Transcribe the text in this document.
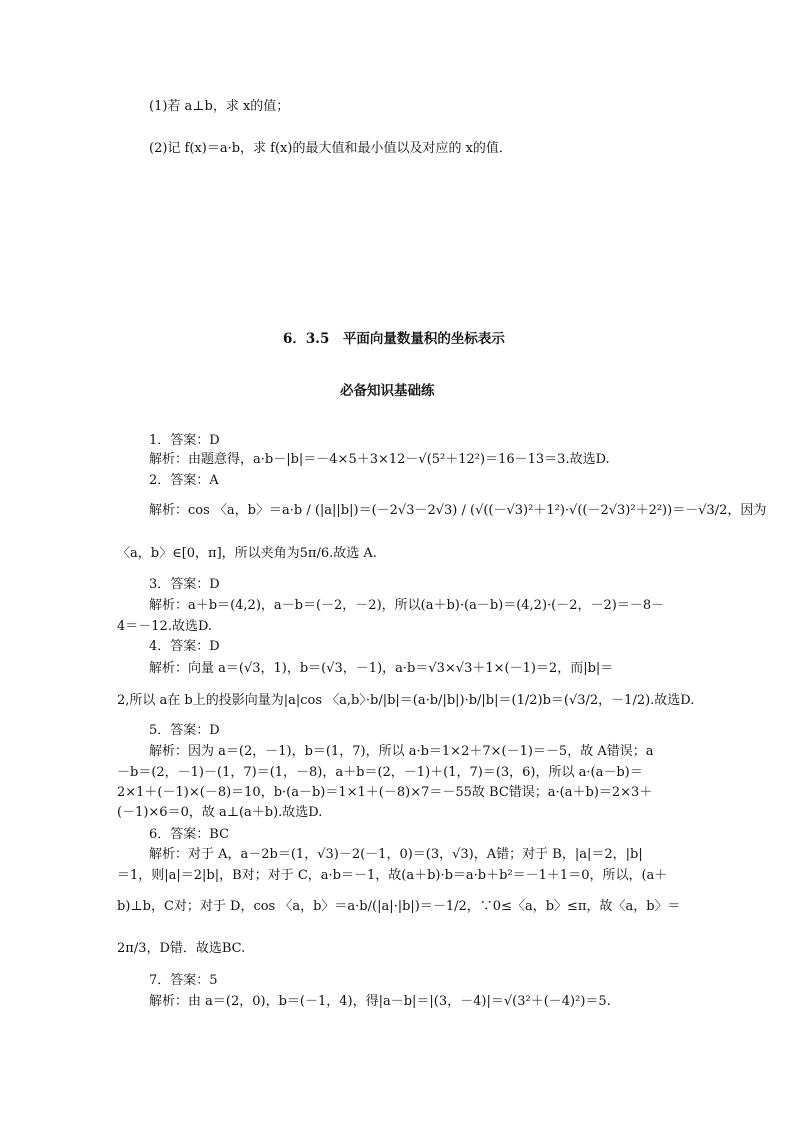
(1)若 a⊥b，求 x的值；
(2)记 f(x)＝a·b，求 f(x)的最大值和最小值以及对应的 x的值．
6．3.5　平面向量数量积的坐标表示
必备知识基础练
1．答案：D
解析：由题意得，a·b－|b|＝－4×5＋3×12－√(5²＋12²)＝16－13＝3.故选D.
2．答案：A
解析：cos 〈a，b〉＝a·b / (|a||b|)＝(－2√3－2√3) / (√((－√3)²＋1²)·√((－2√3)²＋2²))＝－√3/2，因为
〈a，b〉∈[0，π]，所以夹角为5π/6.故选 A.
3．答案：D
解析：a＋b＝(4,2)，a－b＝(－2，－2)，所以(a＋b)·(a－b)＝(4,2)·(－2，－2)＝－8－
4＝－12.故选D.
4．答案：D
解析：向量 a＝(√3，1)，b＝(√3，－1)，a·b＝√3×√3＋1×(－1)＝2，而|b|＝
2,所以 a在 b上的投影向量为|a|cos 〈a,b〉·b/|b|＝(a·b/|b|)·b/|b|＝(1/2)b＝(√3/2，－1/2).故选D.
5．答案：D
解析：因为 a＝(2，－1)，b＝(1，7)，所以 a·b＝1×2＋7×(－1)＝－5，故 A错误；a
－b＝(2，－1)－(1，7)＝(1，－8)，a＋b＝(2，－1)＋(1，7)＝(3，6)，所以 a·(a－b)＝
2×1＋(－1)×(－8)＝10，b·(a－b)＝1×1＋(－8)×7＝－55故 BC错误；a·(a＋b)＝2×3＋
(－1)×6＝0，故 a⊥(a＋b).故选D.
6．答案：BC
解析：对于 A，a－2b＝(1，√3)－2(－1，0)＝(3，√3)，A错；对于 B，|a|＝2，|b|
＝1，则|a|＝2|b|，B对；对于 C，a·b＝－1，故(a＋b)·b＝a·b＋b²＝－1＋1＝0，所以，(a＋
b)⊥b，C对；对于 D，cos 〈a，b〉＝a·b/(|a|·|b|)＝－1/2，∵0≤〈a，b〉≤π，故〈a，b〉＝
2π/3，D错．故选BC.
7．答案：5
解析：由 a＝(2，0)，b＝(－1，4)，得|a－b|＝|(3，－4)|＝√(3²＋(－4)²)＝5.
